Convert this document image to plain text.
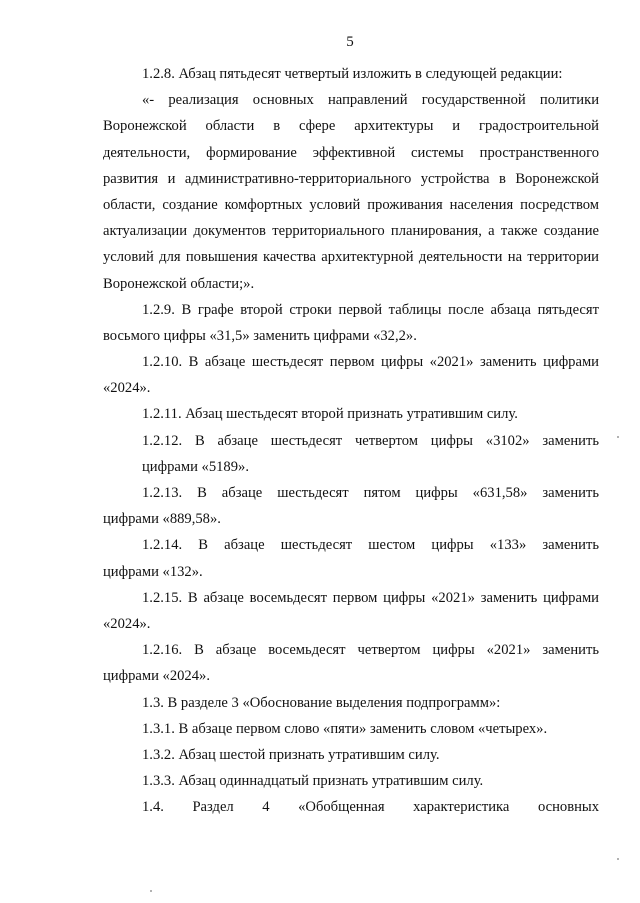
5
1.2.8. Абзац пятьдесят четвертый изложить в следующей редакции:
«- реализация основных направлений государственной политики
Воронежской области в сфере архитектуры и градостроительной
деятельности, формирование эффективной системы пространственного
развития и административно-территориального устройства в Воронежской
области, создание комфортных условий проживания населения посредством
актуализации документов территориального планирования, а также создание
условий для повышения качества архитектурной деятельности на территории
Воронежской области;».
1.2.9. В графе второй строки первой таблицы после абзаца пятьдесят
восьмого цифры «31,5» заменить цифрами «32,2».
1.2.10. В абзаце шестьдесят первом цифры «2021» заменить цифрами
«2024».
1.2.11. Абзац шестьдесят второй признать утратившим силу.
1.2.12. В абзаце шестьдесят четвертом цифры «3102» заменить
цифрами «5189».
1.2.13. В абзаце шестьдесят пятом цифры «631,58» заменить
цифрами «889,58».
1.2.14. В абзаце шестьдесят шестом цифры «133» заменить
цифрами «132».
1.2.15. В абзаце восемьдесят первом цифры «2021» заменить цифрами
«2024».
1.2.16. В абзаце восемьдесят четвертом цифры «2021» заменить
цифрами «2024».
1.3. В разделе 3 «Обоснование выделения подпрограмм»:
1.3.1. В абзаце первом слово «пяти» заменить словом «четырех».
1.3.2. Абзац шестой признать утратившим силу.
1.3.3. Абзац одиннадцатый признать утратившим силу.
1.4. Раздел 4 «Обобщенная характеристика основных
